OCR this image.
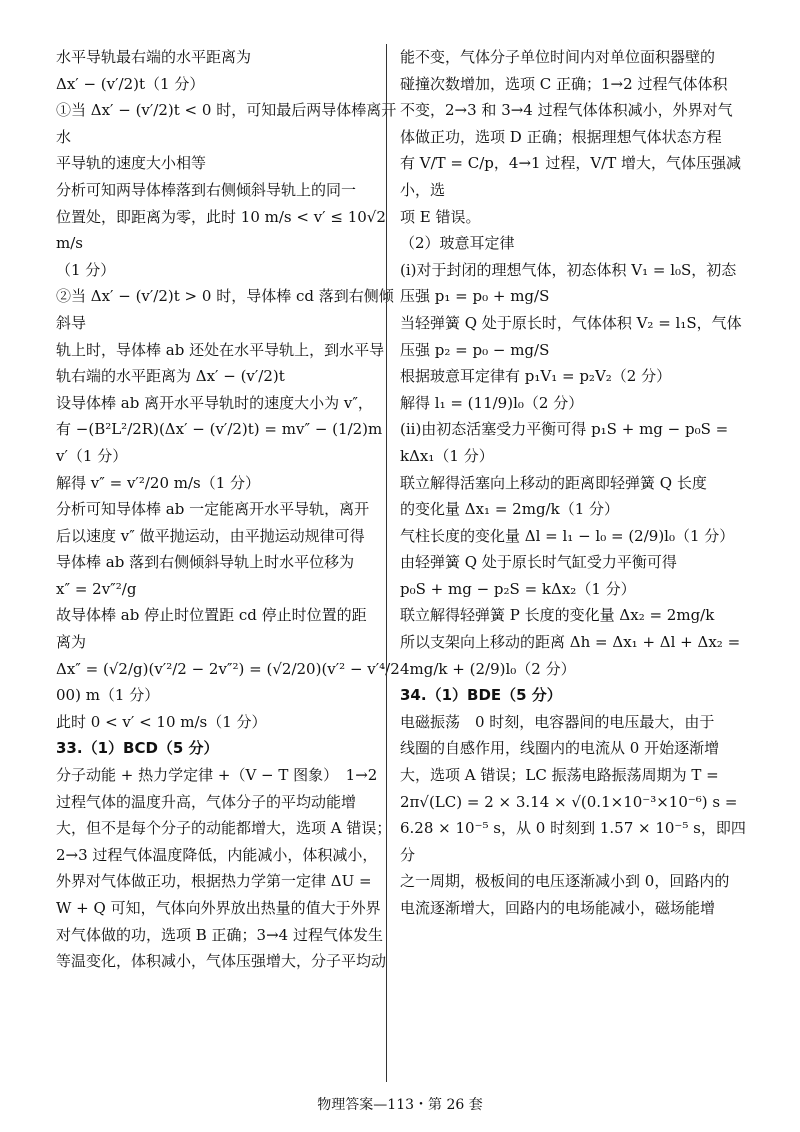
水平导轨最右端的水平距离为
Δx′ − (v′/2)t（1 分）
①当 Δx′ − (v′/2)t < 0 时，可知最后两导体棒离开水
平导轨的速度大小相等
分析可知两导体棒落到右侧倾斜导轨上的同一
位置处，即距离为零，此时 10 m/s < v′ ≤ 10√2 m/s
（1 分）
②当 Δx′ − (v′/2)t > 0 时，导体棒 cd 落到右侧倾斜导
轨上时，导体棒 ab 还处在水平导轨上，到水平导
轨右端的水平距离为 Δx′ − (v′/2)t
设导体棒 ab 离开水平导轨时的速度大小为 v″，
有 −(B²L²/2R)(Δx′ − (v′/2)t) = mv″ − (1/2)mv′（1 分）
解得 v″ = v′²/20 m/s（1 分）
分析可知导体棒 ab 一定能离开水平导轨，离开
后以速度 v″ 做平抛运动，由平抛运动规律可得
导体棒 ab 落到右侧倾斜导轨上时水平位移为
x″ = 2v″²/g
故导体棒 ab 停止时位置距 cd 停止时位置的距
离为
Δx″ = (√2/g)(v′²/2 − 2v″²) = (√2/20)(v′² − v′⁴/200) m（1 分）
此时 0 < v′ < 10 m/s（1 分）
33.（1）BCD（5 分）
分子动能 + 热力学定律 +（V − T 图象）　1→2
过程气体的温度升高，气体分子的平均动能增
大，但不是每个分子的动能都增大，选项 A 错误；
2→3 过程气体温度降低，内能减小，体积减小，
外界对气体做正功，根据热力学第一定律 ΔU =
W + Q 可知，气体向外界放出热量的值大于外界
对气体做的功，选项 B 正确；3→4 过程气体发生
等温变化，体积减小，气体压强增大，分子平均动
能不变，气体分子单位时间内对单位面积器壁的
碰撞次数增加，选项 C 正确；1→2 过程气体体积
不变，2→3 和 3→4 过程气体体积减小，外界对气
体做正功，选项 D 正确；根据理想气体状态方程
有 V/T = C/p，4→1 过程，V/T 增大，气体压强减小，选
项 E 错误。
（2）玻意耳定律
(i)对于封闭的理想气体，初态体积 V₁ = l₀S，初态
压强 p₁ = p₀ + mg/S
当轻弹簧 Q 处于原长时，气体体积 V₂ = l₁S，气体
压强 p₂ = p₀ − mg/S
根据玻意耳定律有 p₁V₁ = p₂V₂（2 分）
解得 l₁ = (11/9)l₀（2 分）
(ii)由初态活塞受力平衡可得 p₁S + mg − p₀S =
kΔx₁（1 分）
联立解得活塞向上移动的距离即轻弹簧 Q 长度
的变化量 Δx₁ = 2mg/k（1 分）
气柱长度的变化量 Δl = l₁ − l₀ = (2/9)l₀（1 分）
由轻弹簧 Q 处于原长时气缸受力平衡可得
p₀S + mg − p₂S = kΔx₂（1 分）
联立解得轻弹簧 P 长度的变化量 Δx₂ = 2mg/k
所以支架向上移动的距离 Δh = Δx₁ + Δl + Δx₂ =
4mg/k + (2/9)l₀（2 分）
34.（1）BDE（5 分）
电磁振荡　0 时刻，电容器间的电压最大，由于
线圈的自感作用，线圈内的电流从 0 开始逐渐增
大，选项 A 错误；LC 振荡电路振荡周期为 T =
2π√(LC) = 2 × 3.14 × √(0.1×10⁻³×10⁻⁶) s =
6.28 × 10⁻⁵ s，从 0 时刻到 1.57 × 10⁻⁵ s，即四分
之一周期，极板间的电压逐渐减小到 0，回路内的
电流逐渐增大，回路内的电场能减小，磁场能增
物理答案—113・第 26 套
